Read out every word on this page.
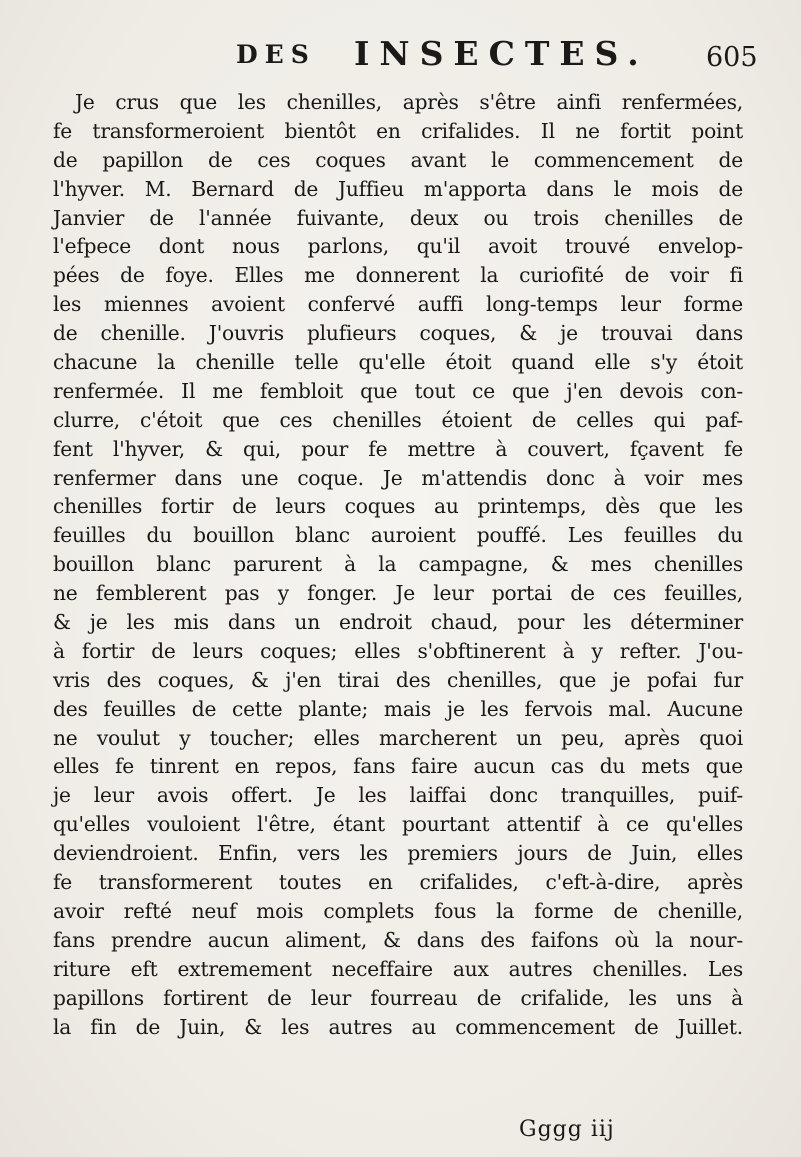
DES INSECTES. 605
Je crus que les chenilles, après s'être ainfi renfermées,
fe transformeroient bientôt en crifalides. Il ne fortit point
de papillon de ces coques avant le commencement de
l'hyver. M. Bernard de Juffieu m'apporta dans le mois de
Janvier de l'année fuivante, deux ou trois chenilles de
l'efpece dont nous parlons, qu'il avoit trouvé envelop-
pées de foye. Elles me donnerent la curiofité de voir fi
les miennes avoient confervé auffi long-temps leur forme
de chenille. J'ouvris plufieurs coques, & je trouvai dans
chacune la chenille telle qu'elle étoit quand elle s'y étoit
renfermée. Il me fembloit que tout ce que j'en devois con-
clurre, c'étoit que ces chenilles étoient de celles qui paf-
fent l'hyver, & qui, pour fe mettre à couvert, fçavent fe
renfermer dans une coque. Je m'attendis donc à voir mes
chenilles fortir de leurs coques au printemps, dès que les
feuilles du bouillon blanc auroient pouffé. Les feuilles du
bouillon blanc parurent à la campagne, & mes chenilles
ne femblerent pas y fonger. Je leur portai de ces feuilles,
& je les mis dans un endroit chaud, pour les déterminer
à fortir de leurs coques; elles s'obftinerent à y refter. J'ou-
vris des coques, & j'en tirai des chenilles, que je pofai fur
des feuilles de cette plante; mais je les fervois mal. Aucune
ne voulut y toucher; elles marcherent un peu, après quoi
elles fe tinrent en repos, fans faire aucun cas du mets que
je leur avois offert. Je les laiffai donc tranquilles, puif-
qu'elles vouloient l'être, étant pourtant attentif à ce qu'elles
deviendroient. Enfin, vers les premiers jours de Juin, elles
fe transformerent toutes en crifalides, c'eft-à-dire, après
avoir refté neuf mois complets fous la forme de chenille,
fans prendre aucun aliment, & dans des faifons où la nour-
riture eft extremement neceffaire aux autres chenilles. Les
papillons fortirent de leur fourreau de crifalide, les uns à
la fin de Juin, & les autres au commencement de Juillet.
Gggg iij
